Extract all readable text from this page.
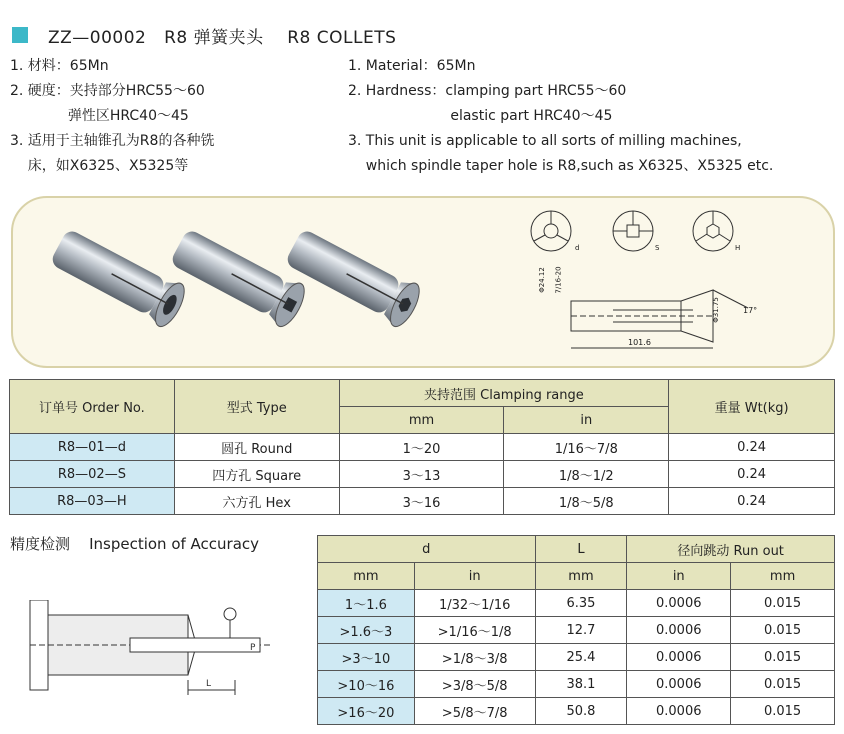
ZZ—00002   R8 弹簧夹头    R8 COLLETS
1. 材料：65Mn
2. 硬度：夹持部分HRC55～60
弹性区HRC40～45
3. 适用于主轴锥孔为R8的各种铣
床，如X6325、X5325等
1. Material：65Mn
2. Hardness：clamping part HRC55～60
elastic part HRC40～45
3. This unit is applicable to all sorts of milling machines,
which spindle taper hole is R8,such as X6325、X5325 etc.
Φ24.12 7/16-20
Φ31.75	17°
101.6
d	S	H
订单号 Order No.	型式 Type	夹持范围 Clamping range		重量 Wt(kg)
		mm	in	
R8—01—d	圆孔 Round	1～20	1/16～7/8	0.24
R8—02—S	四方孔 Square	3～13	1/8～1/2	0.24
R8—03—H	六方孔 Hex	3～16	1/8～5/8	0.24
精度检测    Inspection of Accuracy
P
L
d		L	径向跳动 Run out	
mm	in	mm	in	mm
1～1.6	1/32～1/16	6.35	0.0006	0.015
>1.6～3	>1/16～1/8	12.7	0.0006	0.015
>3～10	>1/8～3/8	25.4	0.0006	0.015
>10～16	>3/8～5/8	38.1	0.0006	0.015
>16～20	>5/8～7/8	50.8	0.0006	0.015
